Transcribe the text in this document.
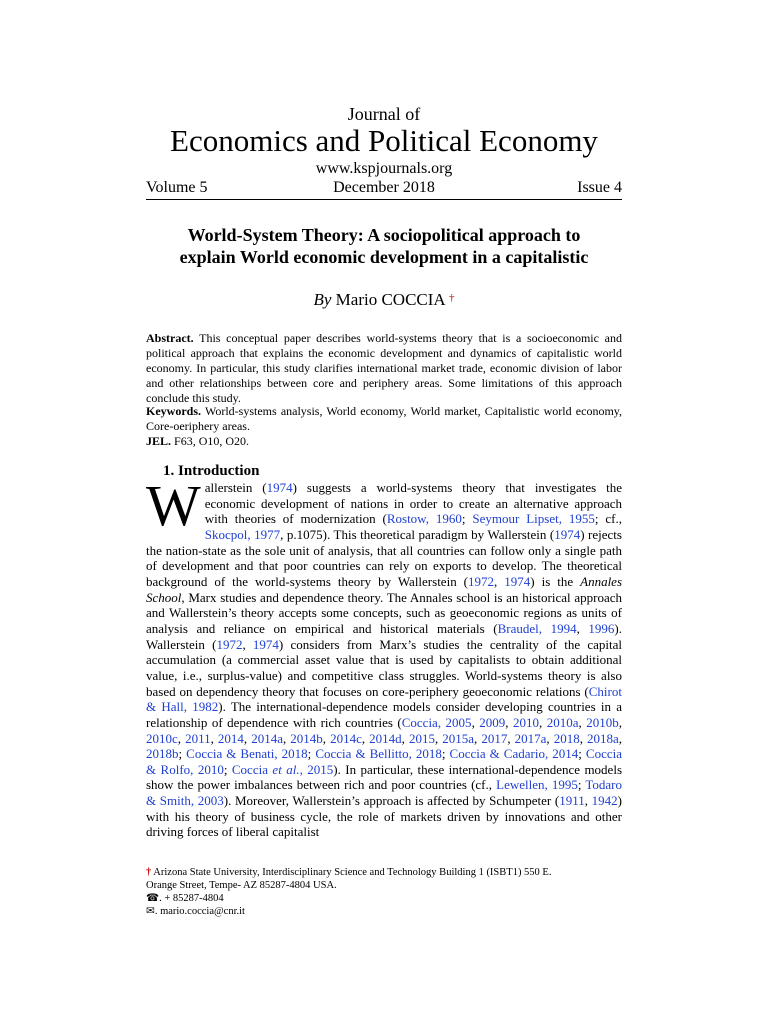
Journal of
Economics and Political Economy
www.kspjournals.org
Volume 5	December 2018	Issue 4
World-System Theory: A sociopolitical approach to
explain World economic development in a capitalistic
By Mario COCCIA †
Abstract. This conceptual paper describes world-systems theory that is a socioeconomic and political approach that explains the economic development and dynamics of capitalistic world economy. In particular, this study clarifies international market trade, economic division of labor and other relationships between core and periphery areas. Some limitations of this approach conclude this study.
Keywords. World-systems analysis, World economy, World market, Capitalistic world economy, Core-oeriphery areas.
JEL. F63, O10, O20.
1. Introduction
Wallerstein (1974) suggests a world-systems theory that investigates the economic development of nations in order to create an alternative approach with theories of modernization (Rostow, 1960; Seymour Lipset, 1955; cf., Skocpol, 1977, p.1075). This theoretical paradigm by Wallerstein (1974) rejects the nation-state as the sole unit of analysis, that all countries can follow only a single path of development and that poor countries can rely on exports to develop. The theoretical background of the world-systems theory by Wallerstein (1972, 1974) is the Annales School, Marx studies and dependence theory. The Annales school is an historical approach and Wallerstein’s theory accepts some concepts, such as geoeconomic regions as units of analysis and reliance on empirical and historical materials (Braudel, 1994, 1996). Wallerstein (1972, 1974) considers from Marx’s studies the centrality of the capital accumulation (a commercial asset value that is used by capitalists to obtain additional value, i.e., surplus-value) and competitive class struggles. World-systems theory is also based on dependency theory that focuses on core-periphery geoeconomic relations (Chirot & Hall, 1982). The international-dependence models consider developing countries in a relationship of dependence with rich countries (Coccia, 2005, 2009, 2010, 2010a, 2010b, 2010c, 2011, 2014, 2014a, 2014b, 2014c, 2014d, 2015, 2015a, 2017, 2017a, 2018, 2018a, 2018b; Coccia & Benati, 2018; Coccia & Bellitto, 2018; Coccia & Cadario, 2014; Coccia & Rolfo, 2010; Coccia et al., 2015). In particular, these international-dependence models show the power imbalances between rich and poor countries (cf., Lewellen, 1995; Todaro & Smith, 2003). Moreover, Wallerstein’s approach is affected by Schumpeter (1911, 1942) with his theory of business cycle, the role of markets driven by innovations and other driving forces of liberal capitalist
† Arizona State University, Interdisciplinary Science and Technology Building 1 (ISBT1) 550 E.
Orange Street, Tempe- AZ 85287-4804 USA.
☎. + 85287-4804
✉. mario.coccia@cnr.it
